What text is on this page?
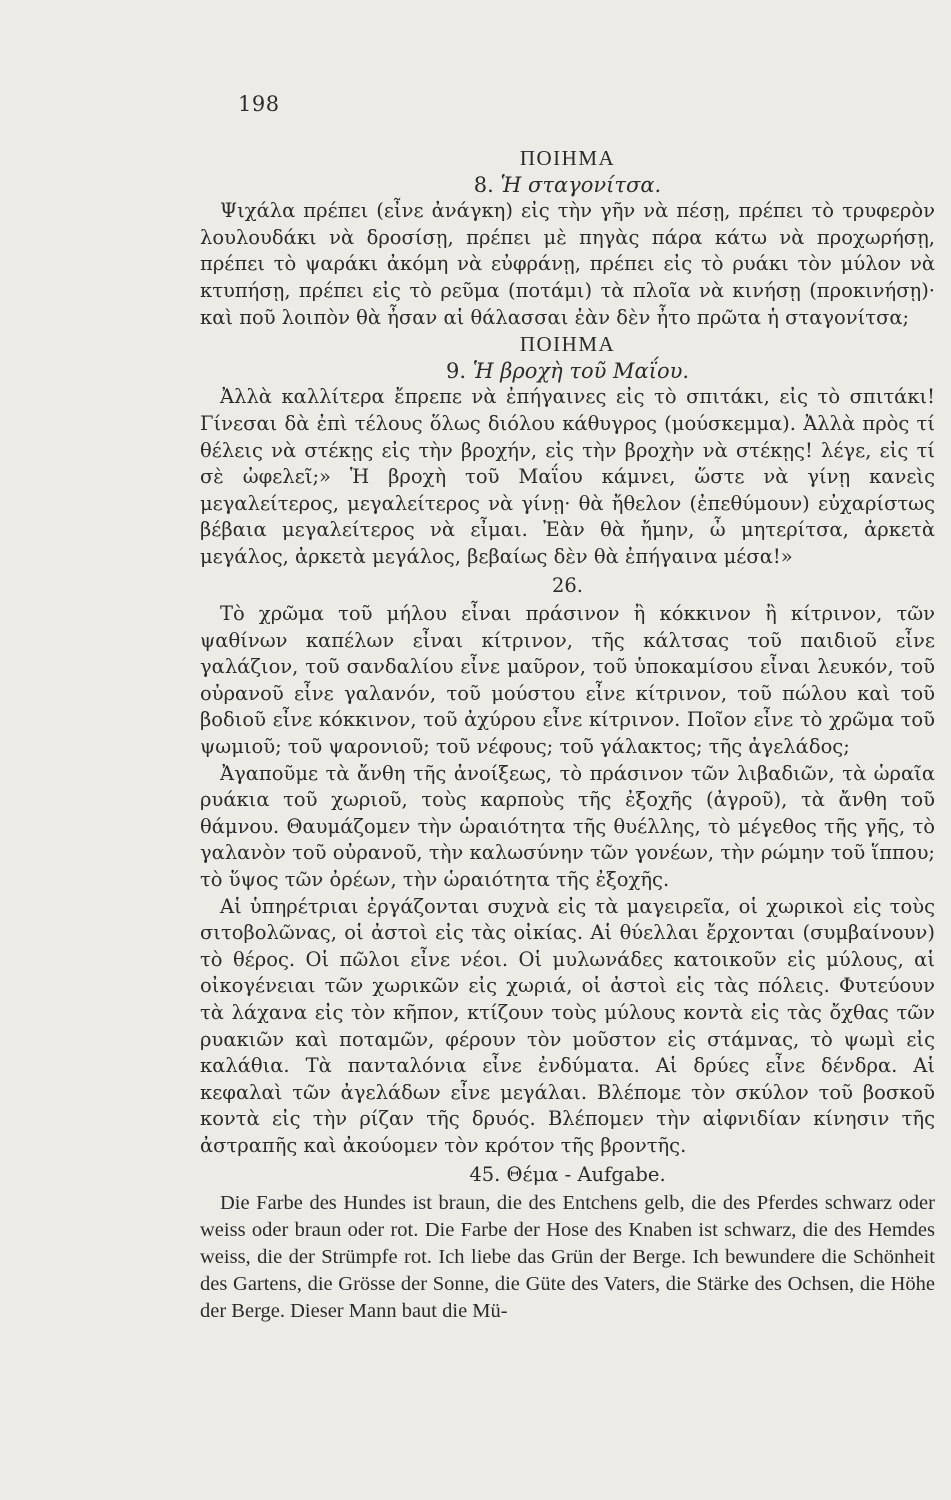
198

ΠΟΙΗΜΑ

8. Ἡ σταγονίτσα.

Ψιχάλα πρέπει (εἶνε ἀνάγκη) εἰς τὴν γῆν νὰ πέσῃ, πρέπει τὸ τρυφερὸν λουλουδάκι νὰ δροσίσῃ, πρέπει μὲ πηγὰς πάρα κάτω νὰ προχωρήσῃ, πρέπει τὸ ψαράκι ἀκόμη νὰ εὐφράνῃ, πρέπει εἰς τὸ ρυάκι τὸν μύλον νὰ κτυπήσῃ, πρέπει εἰς τὸ ρεῦμα (ποτάμι) τὰ πλοῖα νὰ κινήσῃ (προκινήσῃ)· καὶ ποῦ λοιπὸν θὰ ἦσαν αἱ θάλασσαι ἐὰν δὲν ἦτο πρῶτα ἡ σταγονίτσα;

ΠΟΙΗΜΑ

9. Ἡ βροχὴ τοῦ Μαΐου.

Ἀλλὰ καλλίτερα ἔπρεπε νὰ ἐπήγαινες εἰς τὸ σπιτάκι, εἰς τὸ σπιτάκι! Γίνεσαι δὰ ἐπὶ τέλους ὅλως διόλου κάθυγρος (μούσκεμμα). Ἀλλὰ πρὸς τί θέλεις νὰ στέκῃς εἰς τὴν βροχήν, εἰς τὴν βροχὴν νὰ στέκῃς! λέγε, εἰς τί σὲ ὠφελεῖ;» Ἡ βροχὴ τοῦ Μαΐου κάμνει, ὥστε νὰ γίνῃ κανεὶς μεγαλείτερος, μεγαλείτερος νὰ γίνῃ· θὰ ἤθελον (ἐπεθύμουν) εὐχαρίστως βέβαια μεγαλείτερος νὰ εἶμαι. Ἐὰν θὰ ἤμην, ὦ μητερίτσα, ἀρκετὰ μεγάλος, ἀρκετὰ μεγάλος, βεβαίως δὲν θὰ ἐπήγαινα μέσα!»

26.

Τὸ χρῶμα τοῦ μήλου εἶναι πράσινον ἢ κόκκινον ἢ κίτρινον, τῶν ψαθίνων καπέλων εἶναι κίτρινον, τῆς κάλτσας τοῦ παιδιοῦ εἶνε γαλάζιον, τοῦ σανδαλίου εἶνε μαῦρον, τοῦ ὑποκαμίσου εἶναι λευκόν, τοῦ οὐρανοῦ εἶνε γαλανόν, τοῦ μούστου εἶνε κίτρινον, τοῦ πώλου καὶ τοῦ βοδιοῦ εἶνε κόκκινον, τοῦ ἀχύρου εἶνε κίτρινον. Ποῖον εἶνε τὸ χρῶμα τοῦ ψωμιοῦ; τοῦ ψαρονιοῦ; τοῦ νέφους; τοῦ γάλακτος; τῆς ἀγελάδος;

Ἀγαποῦμε τὰ ἄνθη τῆς ἀνοίξεως, τὸ πράσινον τῶν λιβαδιῶν, τὰ ὡραῖα ρυάκια τοῦ χωριοῦ, τοὺς καρποὺς τῆς ἐξοχῆς (ἀγροῦ), τὰ ἄνθη τοῦ θάμνου. Θαυμάζομεν τὴν ὡραιότητα τῆς θυέλλης, τὸ μέγεθος τῆς γῆς, τὸ γαλανὸν τοῦ οὐρανοῦ, τὴν καλωσύνην τῶν γονέων, τὴν ρώμην τοῦ ἵππου; τὸ ὕψος τῶν ὀρέων, τὴν ὡραιότητα τῆς ἐξοχῆς.

Αἱ ὑπηρέτριαι ἐργάζονται συχνὰ εἰς τὰ μαγειρεῖα, οἱ χωρικοὶ εἰς τοὺς σιτοβολῶνας, οἱ ἀστοὶ εἰς τὰς οἰκίας. Αἱ θύελλαι ἔρχονται (συμβαίνουν) τὸ θέρος. Οἱ πῶλοι εἶνε νέοι. Οἱ μυλωνάδες κατοικοῦν εἰς μύλους, αἱ οἰκογένειαι τῶν χωρικῶν εἰς χωριά, οἱ ἀστοὶ εἰς τὰς πόλεις. Φυτεύουν τὰ λάχανα εἰς τὸν κῆπον, κτίζουν τοὺς μύλους κοντὰ εἰς τὰς ὄχθας τῶν ρυακιῶν καὶ ποταμῶν, φέρουν τὸν μοῦστον εἰς στάμνας, τὸ ψωμὶ εἰς καλάθια. Τὰ πανταλόνια εἶνε ἐνδύματα. Αἱ δρύες εἶνε δένδρα. Αἱ κεφαλαὶ τῶν ἀγελάδων εἶνε μεγάλαι. Βλέπομε τὸν σκύλον τοῦ βοσκοῦ κοντὰ εἰς τὴν ρίζαν τῆς δρυός. Βλέπομεν τὴν αἰφνιδίαν κίνησιν τῆς ἀστραπῆς καὶ ἀκούομεν τὸν κρότον τῆς βροντῆς.

45. Θέμα - Aufgabe.

Die Farbe des Hundes ist braun, die des Entchens gelb, die des Pferdes schwarz oder weiss oder braun oder rot. Die Farbe der Hose des Knaben ist schwarz, die des Hemdes weiss, die der Strümpfe rot. Ich liebe das Grün der Berge. Ich bewundere die Schönheit des Gartens, die Grösse der Sonne, die Güte des Vaters, die Stärke des Ochsen, die Höhe der Berge. Dieser Mann baut die Mü-
